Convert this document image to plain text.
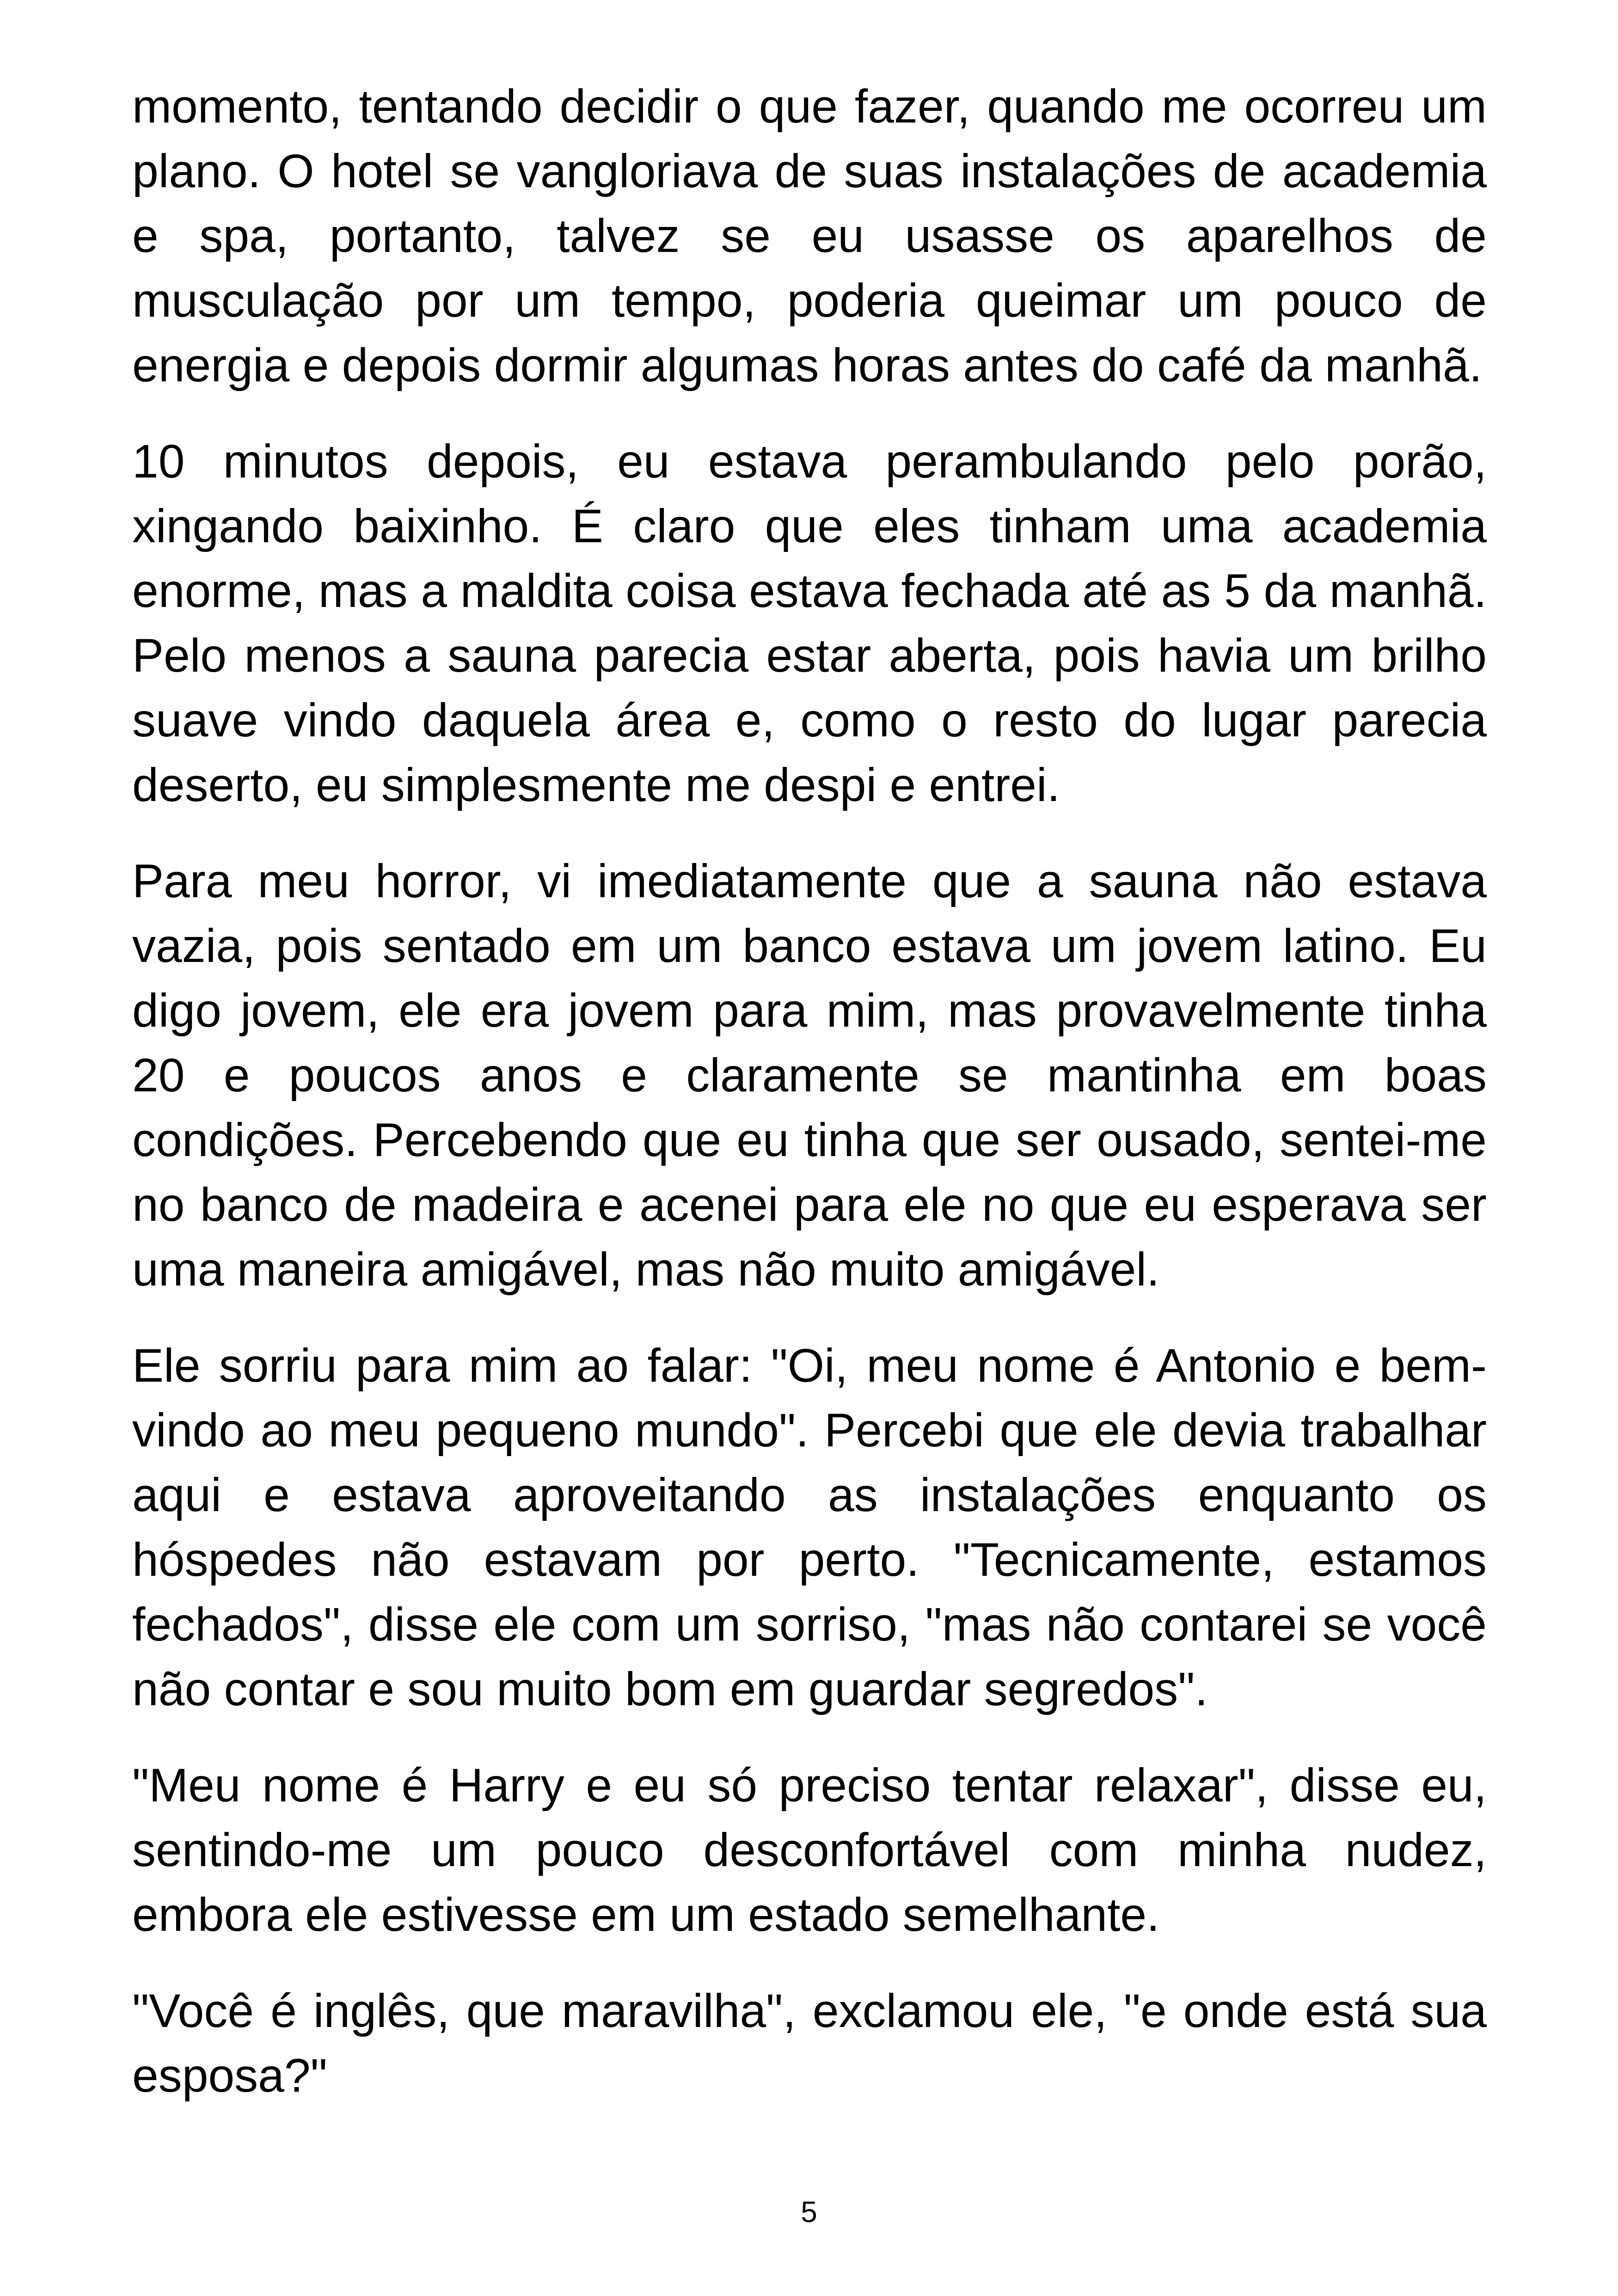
momento, tentando decidir o que fazer, quando me ocorreu um plano. O hotel se vangloriava de suas instalações de academia e spa, portanto, talvez se eu usasse os aparelhos de musculação por um tempo, poderia queimar um pouco de energia e depois dormir algumas horas antes do café da manhã.

10 minutos depois, eu estava perambulando pelo porão, xingando baixinho. É claro que eles tinham uma academia enorme, mas a maldita coisa estava fechada até as 5 da manhã. Pelo menos a sauna parecia estar aberta, pois havia um brilho suave vindo daquela área e, como o resto do lugar parecia deserto, eu simplesmente me despi e entrei.

Para meu horror, vi imediatamente que a sauna não estava vazia, pois sentado em um banco estava um jovem latino. Eu digo jovem, ele era jovem para mim, mas provavelmente tinha 20 e poucos anos e claramente se mantinha em boas condições. Percebendo que eu tinha que ser ousado, sentei-me no banco de madeira e acenei para ele no que eu esperava ser uma maneira amigável, mas não muito amigável.

Ele sorriu para mim ao falar: "Oi, meu nome é Antonio e bem-vindo ao meu pequeno mundo". Percebi que ele devia trabalhar aqui e estava aproveitando as instalações enquanto os hóspedes não estavam por perto. "Tecnicamente, estamos fechados", disse ele com um sorriso, "mas não contarei se você não contar e sou muito bom em guardar segredos".

"Meu nome é Harry e eu só preciso tentar relaxar", disse eu, sentindo-me um pouco desconfortável com minha nudez, embora ele estivesse em um estado semelhante.

"Você é inglês, que maravilha", exclamou ele, "e onde está sua esposa?"

5
